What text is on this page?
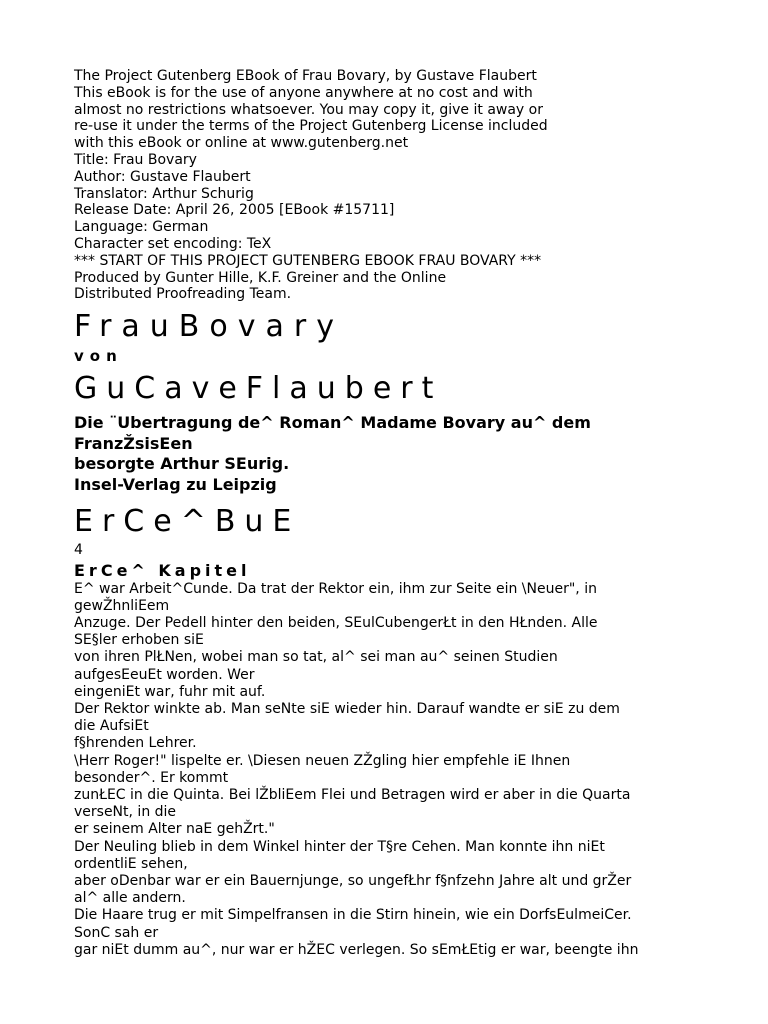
The Project Gutenberg EBook of Frau Bovary, by Gustave Flaubert
This eBook is for the use of anyone anywhere at no cost and with
almost no restrictions whatsoever. You may copy it, give it away or
re-use it under the terms of the Project Gutenberg License included
with this eBook or online at www.gutenberg.net
Title: Frau Bovary
Author: Gustave Flaubert
Translator: Arthur Schurig
Release Date: April 26, 2005 [EBook #15711]
Language: German
Character set encoding: TeX
*** START OF THIS PROJECT GUTENBERG EBOOK FRAU BOVARY ***
Produced by Gunter Hille, K.F. Greiner and the Online
Distributed Proofreading Team.
FrauBovary
von
GuCaveFlaubert
Die ¨Ubertragung de^ Roman^ Madame Bovary au^ dem
FranzŽsisEen
besorgte Arthur SEurig.
Insel-Verlag zu Leipzig
ErCe^BuE
4
ErCe^ Kapitel
E^ war Arbeit^Cunde. Da trat der Rektor ein, ihm zur Seite ein \Neuer", in
gewŽhnliEem
Anzuge. Der Pedell hinter den beiden, SEulCubengerŁt in den HŁnden. Alle
SE§ler erhoben siE
von ihren PlŁNen, wobei man so tat, al^ sei man au^ seinen Studien
aufgesEeuEt worden. Wer
eingeniEt war, fuhr mit auf.
Der Rektor winkte ab. Man seNte siE wieder hin. Darauf wandte er siE zu dem
die AufsiEt
f§hrenden Lehrer.
\Herr Roger!" lispelte er. \Diesen neuen ZŽgling hier empfehle iE Ihnen
besonder^. Er kommt
zunŁEC in die Quinta. Bei lŽbliEem Flei und Betragen wird er aber in die Quarta
verseNt, in die
er seinem Alter naE gehŽrt."
Der Neuling blieb in dem Winkel hinter der T§re Cehen. Man konnte ihn niEt
ordentliE sehen,
aber oDenbar war er ein Bauernjunge, so ungefŁhr f§nfzehn Jahre alt und grŽer
al^ alle andern.
Die Haare trug er mit Simpelfransen in die Stirn hinein, wie ein DorfsEulmeiCer.
SonC sah er
gar niEt dumm au^, nur war er hŽEC verlegen. So sEmŁEtig er war, beengte ihn
